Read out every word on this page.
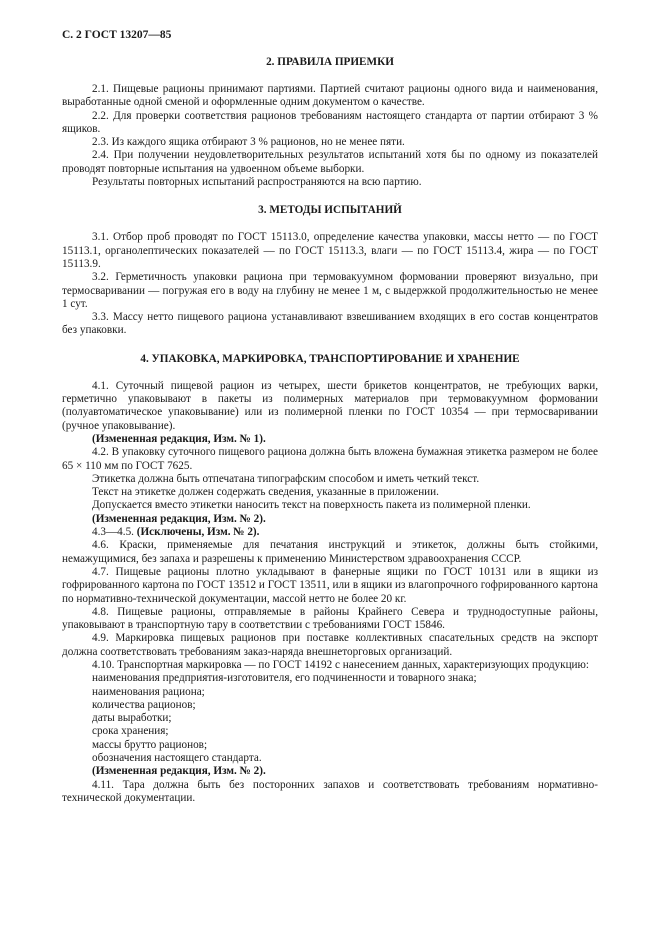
С. 2 ГОСТ 13207—85
2. ПРАВИЛА ПРИЕМКИ

2.1. Пищевые рационы принимают партиями. Партией считают рационы одного вида и наименования, выработанные одной сменой и оформленные одним документом о качестве.

2.2. Для проверки соответствия рационов требованиям настоящего стандарта от партии отбирают 3 % ящиков.

2.3. Из каждого ящика отбирают 3 % рационов, но не менее пяти.

2.4. При получении неудовлетворительных результатов испытаний хотя бы по одному из показателей проводят повторные испытания на удвоенном объеме выборки.

Результаты повторных испытаний распространяются на всю партию.

3. МЕТОДЫ ИСПЫТАНИЙ

3.1. Отбор проб проводят по ГОСТ 15113.0, определение качества упаковки, массы нетто — по ГОСТ 15113.1, органолептических показателей — по ГОСТ 15113.3, влаги — по ГОСТ 15113.4, жира — по ГОСТ 15113.9.

3.2. Герметичность упаковки рациона при термовакуумном формовании проверяют визуально, при термосваривании — погружая его в воду на глубину не менее 1 м, с выдержкой продолжительностью не менее 1 сут.

3.3. Массу нетто пищевого рациона устанавливают взвешиванием входящих в его состав концентратов без упаковки.

4. УПАКОВКА, МАРКИРОВКА, ТРАНСПОРТИРОВАНИЕ И ХРАНЕНИЕ

4.1. Суточный пищевой рацион из четырех, шести брикетов концентратов, не требующих варки, герметично упаковывают в пакеты из полимерных материалов при термовакуумном формовании (полуавтоматическое упаковывание) или из полимерной пленки по ГОСТ 10354 — при термосваривании (ручное упаковывание).

(Измененная редакция, Изм. № 1).

4.2. В упаковку суточного пищевого рациона должна быть вложена бумажная этикетка размером не более 65 × 110 мм по ГОСТ 7625.

Этикетка должна быть отпечатана типографским способом и иметь четкий текст.

Текст на этикетке должен содержать сведения, указанные в приложении.

Допускается вместо этикетки наносить текст на поверхность пакета из полимерной пленки.

(Измененная редакция, Изм. № 2).

4.3—4.5. (Исключены, Изм. № 2).

4.6. Краски, применяемые для печатания инструкций и этикеток, должны быть стойкими, немажущимися, без запаха и разрешены к применению Министерством здравоохранения СССР.

4.7. Пищевые рационы плотно укладывают в фанерные ящики по ГОСТ 10131 или в ящики из гофрированного картона по ГОСТ 13512 и ГОСТ 13511, или в ящики из влагопрочного гофрированного картона по нормативно-технической документации, массой нетто не более 20 кг.

4.8. Пищевые рационы, отправляемые в районы Крайнего Севера и труднодоступные районы, упаковывают в транспортную тару в соответствии с требованиями ГОСТ 15846.

4.9. Маркировка пищевых рационов при поставке коллективных спасательных средств на экспорт должна соответствовать требованиям заказ-наряда внешнеторговых организаций.

4.10. Транспортная маркировка — по ГОСТ 14192 с нанесением данных, характеризующих продукцию:

наименования предприятия-изготовителя, его подчиненности и товарного знака;

наименования рациона;

количества рационов;

даты выработки;

срока хранения;

массы брутто рационов;

обозначения настоящего стандарта.

(Измененная редакция, Изм. № 2).

4.11. Тара должна быть без посторонних запахов и соответствовать требованиям нормативно-технической документации.
